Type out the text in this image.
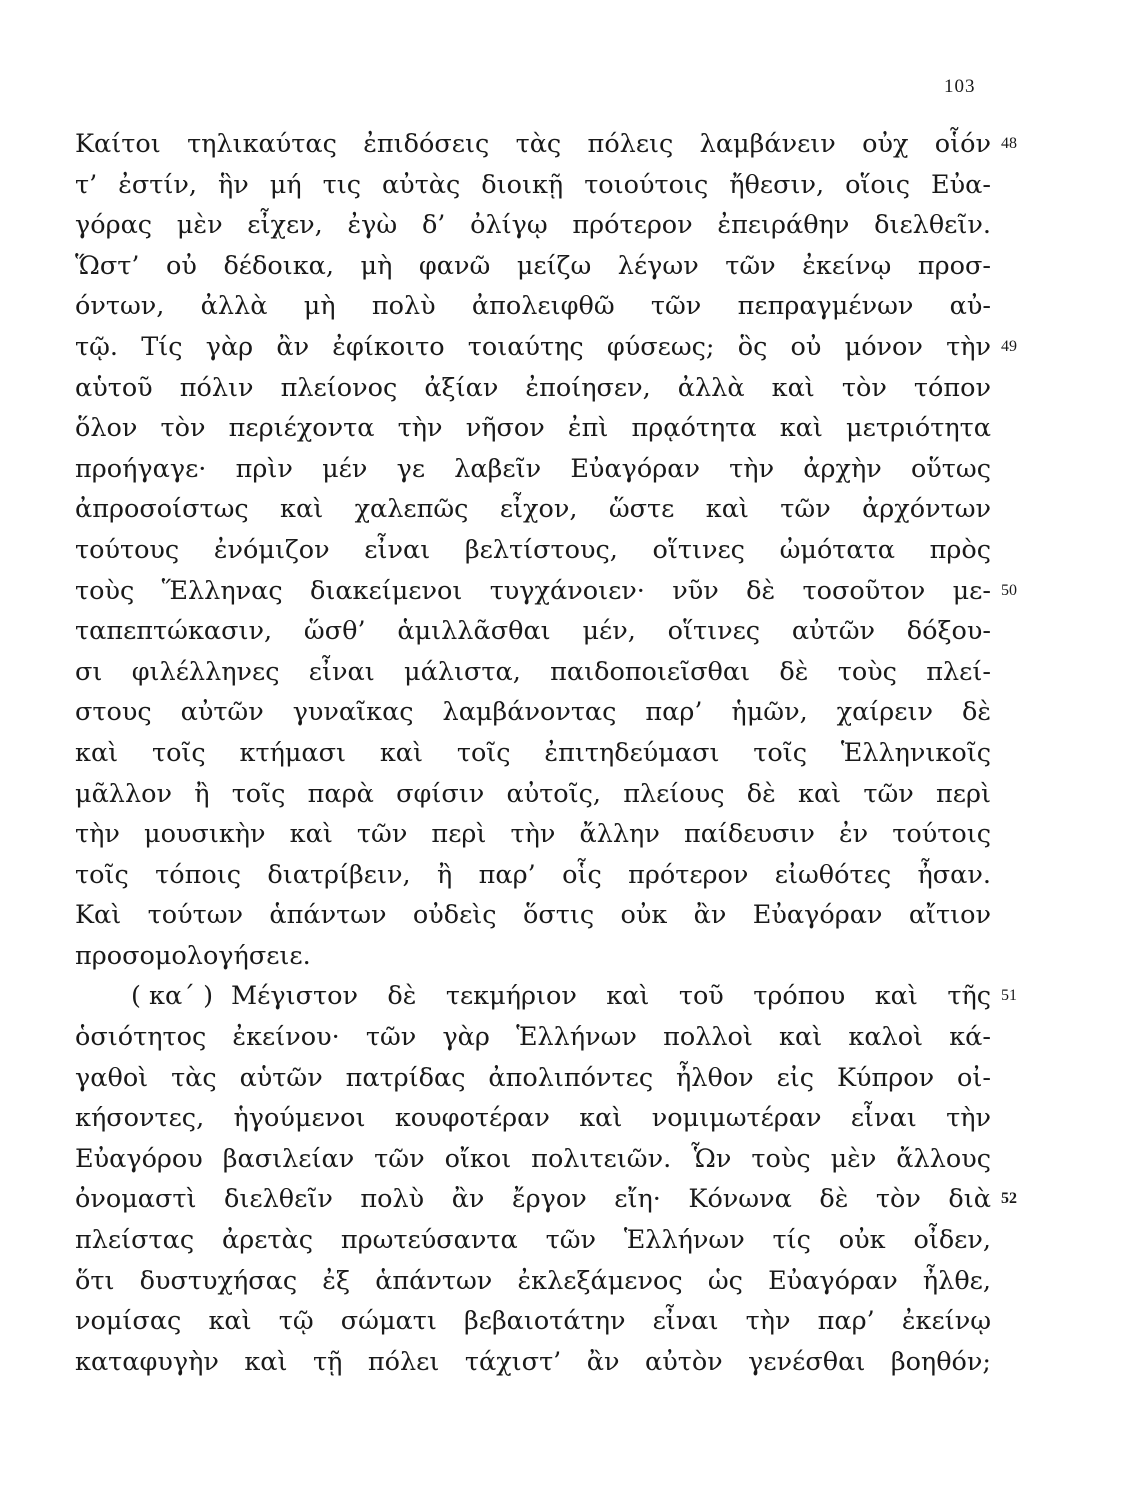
103
Καίτοι τηλικαύτας ἐπιδόσεις τὰς πόλεις λαμβάνειν οὐχ οἷόν 48
τ’ ἐστίν, ἣν μή τις αὐτὰς διοικῇ τοιούτοις ἤθεσιν, οἵοις Εὐα-
γόρας μὲν εἶχεν, ἐγὼ δ’ ὀλίγῳ πρότερον ἐπειράθην διελθεῖν.
Ὥστ’ οὐ δέδοικα, μὴ φανῶ μείζω λέγων τῶν ἐκείνῳ προσ-
όντων, ἀλλὰ μὴ πολὺ ἀπολειφθῶ τῶν πεπραγμένων αὐ-
τῷ. Τίς γὰρ ἂν ἐφίκοιτο τοιαύτης φύσεως; ὃς οὐ μόνον τὴν 49
αὑτοῦ πόλιν πλείονος ἀξίαν ἐποίησεν, ἀλλὰ καὶ τὸν τόπον
ὅλον τὸν περιέχοντα τὴν νῆσον ἐπὶ πρᾳότητα καὶ μετριότητα
προήγαγε· πρὶν μέν γε λαβεῖν Εὐαγόραν τὴν ἀρχὴν οὕτως
ἀπροσοίστως καὶ χαλεπῶς εἶχον, ὥστε καὶ τῶν ἀρχόντων
τούτους ἐνόμιζον εἶναι βελτίστους, οἵτινες ὠμότατα πρὸς
τοὺς Ἕλληνας διακείμενοι τυγχάνοιεν· νῦν δὲ τοσοῦτον με- 50
ταπεπτώκασιν, ὥσθ’ ἁμιλλᾶσθαι μέν, οἵτινες αὐτῶν δόξου-
σι φιλέλληνες εἶναι μάλιστα, παιδοποιεῖσθαι δὲ τοὺς πλεί-
στους αὐτῶν γυναῖκας λαμβάνοντας παρ’ ἡμῶν, χαίρειν δὲ
καὶ τοῖς κτήμασι καὶ τοῖς ἐπιτηδεύμασι τοῖς Ἑλληνικοῖς
μᾶλλον ἢ τοῖς παρὰ σφίσιν αὐτοῖς, πλείους δὲ καὶ τῶν περὶ
τὴν μουσικὴν καὶ τῶν περὶ τὴν ἄλλην παίδευσιν ἐν τούτοις
τοῖς τόποις διατρίβειν, ἢ παρ’ οἷς πρότερον εἰωθότες ἦσαν.
Καὶ τούτων ἁπάντων οὐδεὶς ὅστις οὐκ ἂν Εὐαγόραν αἴτιον
προσομολογήσειε.
( κα΄ ) Μέγιστον δὲ τεκμήριον καὶ τοῦ τρόπου καὶ τῆς 51
ὁσιότητος ἐκείνου· τῶν γὰρ Ἑλλήνων πολλοὶ καὶ καλοὶ κά-
γαθοὶ τὰς αὑτῶν πατρίδας ἀπολιπόντες ἦλθον εἰς Κύπρον οἰ-
κήσοντες, ἡγούμενοι κουφοτέραν καὶ νομιμωτέραν εἶναι τὴν
Εὐαγόρου βασιλείαν τῶν οἴκοι πολιτειῶν. Ὧν τοὺς μὲν ἄλλους
ὀνομαστὶ διελθεῖν πολὺ ἂν ἔργον εἴη· Κόνωνα δὲ τὸν διὰ 52
πλείστας ἀρετὰς πρωτεύσαντα τῶν Ἑλλήνων τίς οὐκ οἶδεν,
ὅτι δυστυχήσας ἐξ ἁπάντων ἐκλεξάμενος ὡς Εὐαγόραν ἦλθε,
νομίσας καὶ τῷ σώματι βεβαιοτάτην εἶναι τὴν παρ’ ἐκείνῳ
καταφυγὴν καὶ τῇ πόλει τάχιστ’ ἂν αὐτὸν γενέσθαι βοηθόν;
